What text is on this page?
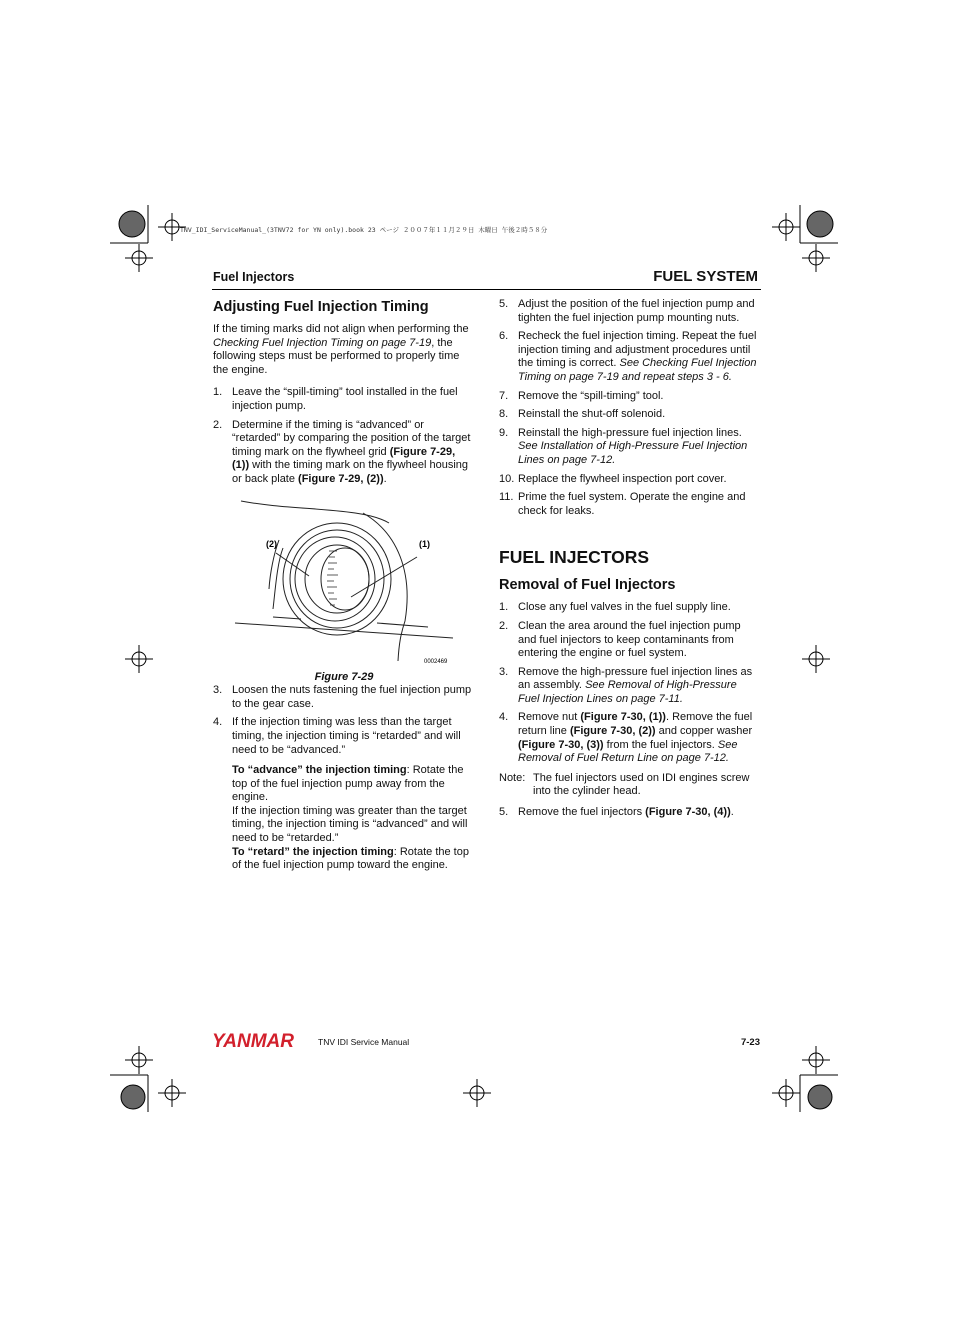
TNV_IDI_ServiceManual_(3TNV72 for YN only).book 23 ページ ２００７年１１月２９日 木曜日 午後２時５８分
Fuel Injectors	FUEL SYSTEM
Adjusting Fuel Injection Timing

If the timing marks did not align when performing the Checking Fuel Injection Timing on page 7-19, the following steps must be performed to properly time the engine.

1. Leave the “spill-timing” tool installed in the fuel injection pump.
2. Determine if the timing is “advanced” or “retarded” by comparing the position of the target timing mark on the flywheel grid (Figure 7-29, (1)) with the timing mark on the flywheel housing or back plate (Figure 7-29, (2)).
(2)	(1)
0002469

Figure 7-29

3. Loosen the nuts fastening the fuel injection pump to the gear case.
4. If the injection timing was less than the target timing, the injection timing is “retarded” and will need to be “advanced.”

To “advance” the injection timing: Rotate the top of the fuel injection pump away from the engine.

If the injection timing was greater than the target timing, the injection timing is “advanced” and will need to be “retarded.”

To “retard” the injection timing: Rotate the top of the fuel injection pump toward the engine.

5. Adjust the position of the fuel injection pump and tighten the fuel injection pump mounting nuts.
6. Recheck the fuel injection timing. Repeat the fuel injection timing and adjustment procedures until the timing is correct. See Checking Fuel Injection Timing on page 7-19 and repeat steps 3 - 6.
7. Remove the “spill-timing” tool.
8. Reinstall the shut-off solenoid.
9. Reinstall the high-pressure fuel injection lines. See Installation of High-Pressure Fuel Injection Lines on page 7-12.
10. Replace the flywheel inspection port cover.
11. Prime the fuel system. Operate the engine and check for leaks.
FUEL INJECTORS
Removal of Fuel Injectors
1. Close any fuel valves in the fuel supply line.
2. Clean the area around the fuel injection pump and fuel injectors to keep contaminants from entering the engine or fuel system.
3. Remove the high-pressure fuel injection lines as an assembly. See Removal of High-Pressure Fuel Injection Lines on page 7-11.
4. Remove nut (Figure 7-30, (1)). Remove the fuel return line (Figure 7-30, (2)) and copper washer (Figure 7-30, (3)) from the fuel injectors. See Removal of Fuel Return Line on page 7-12.
Note: The fuel injectors used on IDI engines screw into the cylinder head.
5. Remove the fuel injectors (Figure 7-30, (4)).
YANMAR	TNV IDI Service Manual	7-23
